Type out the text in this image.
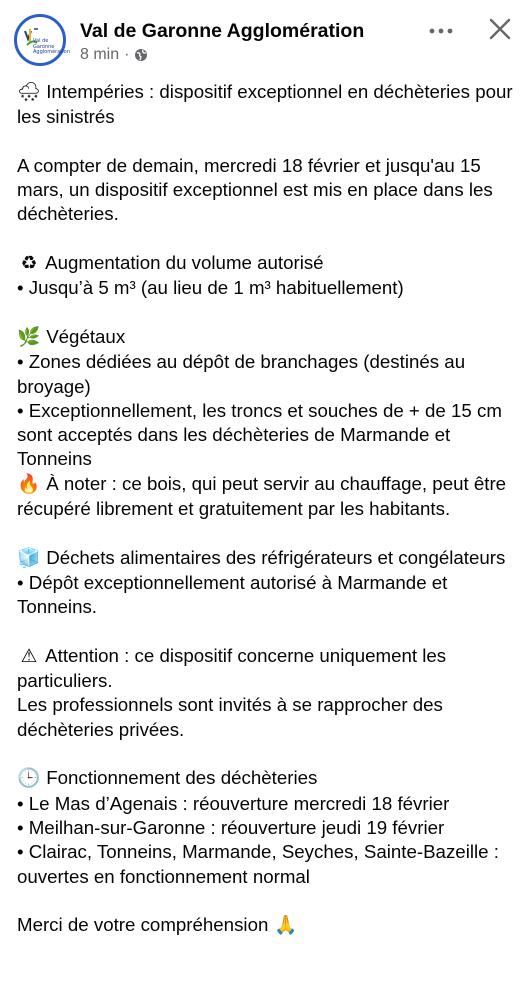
Val de
Garonne
Agglomération
Val de Garonne Agglomération
8 min ·

🌨 Intempéries : dispositif exceptionnel en déchèteries pour les sinistrés

A compter de demain, mercredi 18 février et jusqu'au 15 mars, un dispositif exceptionnel est mis en place dans les déchèteries.

♻ Augmentation du volume autorisé
• Jusqu’à 5 m³ (au lieu de 1 m³ habituellement)

🌿 Végétaux
• Zones dédiées au dépôt de branchages (destinés au broyage)
• Exceptionnellement, les troncs et souches de + de 15 cm sont acceptés dans les déchèteries de Marmande et Tonneins

🔥 À noter : ce bois, qui peut servir au chauffage, peut être récupéré librement et gratuitement par les habitants.

🧊 Déchets alimentaires des réfrigérateurs et congélateurs
• Dépôt exceptionnellement autorisé à Marmande et Tonneins.

⚠ Attention : ce dispositif concerne uniquement les particuliers.
Les professionnels sont invités à se rapprocher des déchèteries privées.

🕒 Fonctionnement des déchèteries
• Le Mas d’Agenais : réouverture mercredi 18 février
• Meilhan-sur-Garonne : réouverture jeudi 19 février
• Clairac, Tonneins, Marmande, Seyches, Sainte-Bazeille : ouvertes en fonctionnement normal

Merci de votre compréhension 🙏
